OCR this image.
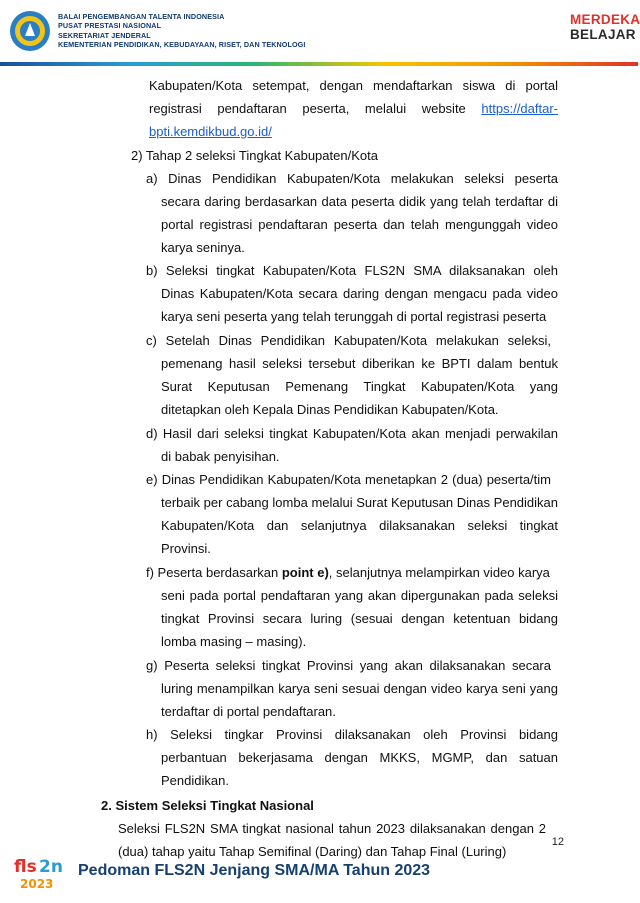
BALAI PENGEMBANGAN TALENTA INDONESIA
PUSAT PRESTASI NASIONAL
SEKRETARIAT JENDERAL
KEMENTERIAN PENDIDIKAN, KEBUDAYAAN, RISET, DAN TEKNOLOGI
MERDEKA
BELAJAR
Kabupaten/Kota setempat, dengan mendaftarkan siswa di portal
registrasi pendaftaran peserta, melalui website https://daftar-
bpti.kemdikbud.go.id/
2) Tahap 2 seleksi Tingkat Kabupaten/Kota
a) Dinas Pendidikan Kabupaten/Kota melakukan seleksi peserta
secara daring berdasarkan data peserta didik yang telah terdaftar di
portal registrasi pendaftaran peserta dan telah mengunggah video
karya seninya.
b) Seleksi tingkat Kabupaten/Kota FLS2N SMA dilaksanakan oleh
Dinas Kabupaten/Kota secara daring dengan mengacu pada video
karya seni peserta yang telah terunggah di portal registrasi peserta
c) Setelah Dinas Pendidikan Kabupaten/Kota melakukan seleksi,
pemenang hasil seleksi tersebut diberikan ke BPTI dalam bentuk
Surat Keputusan Pemenang Tingkat Kabupaten/Kota yang
ditetapkan oleh Kepala Dinas Pendidikan Kabupaten/Kota.
d) Hasil dari seleksi tingkat Kabupaten/Kota akan menjadi perwakilan
di babak penyisihan.
e) Dinas Pendidikan Kabupaten/Kota menetapkan 2 (dua) peserta/tim
terbaik per cabang lomba melalui Surat Keputusan Dinas Pendidikan
Kabupaten/Kota dan selanjutnya dilaksanakan seleksi tingkat
Provinsi.
f) Peserta berdasarkan point e), selanjutnya melampirkan video karya
seni pada portal pendaftaran yang akan dipergunakan pada seleksi
tingkat Provinsi secara luring (sesuai dengan ketentuan bidang
lomba masing – masing).
g) Peserta seleksi tingkat Provinsi yang akan dilaksanakan secara
luring menampilkan karya seni sesuai dengan video karya seni yang
terdaftar di portal pendaftaran.
h) Seleksi tingkar Provinsi dilaksanakan oleh Provinsi bidang
perbantuan bekerjasama dengan MKKS, MGMP, dan satuan
Pendidikan.
2. Sistem Seleksi Tingkat Nasional
Seleksi FLS2N SMA tingkat nasional tahun 2023 dilaksanakan dengan 2
(dua) tahap yaitu Tahap Semifinal (Daring) dan Tahap Final (Luring)
12
fls 2n
2023
Pedoman FLS2N Jenjang SMA/MA Tahun 2023
